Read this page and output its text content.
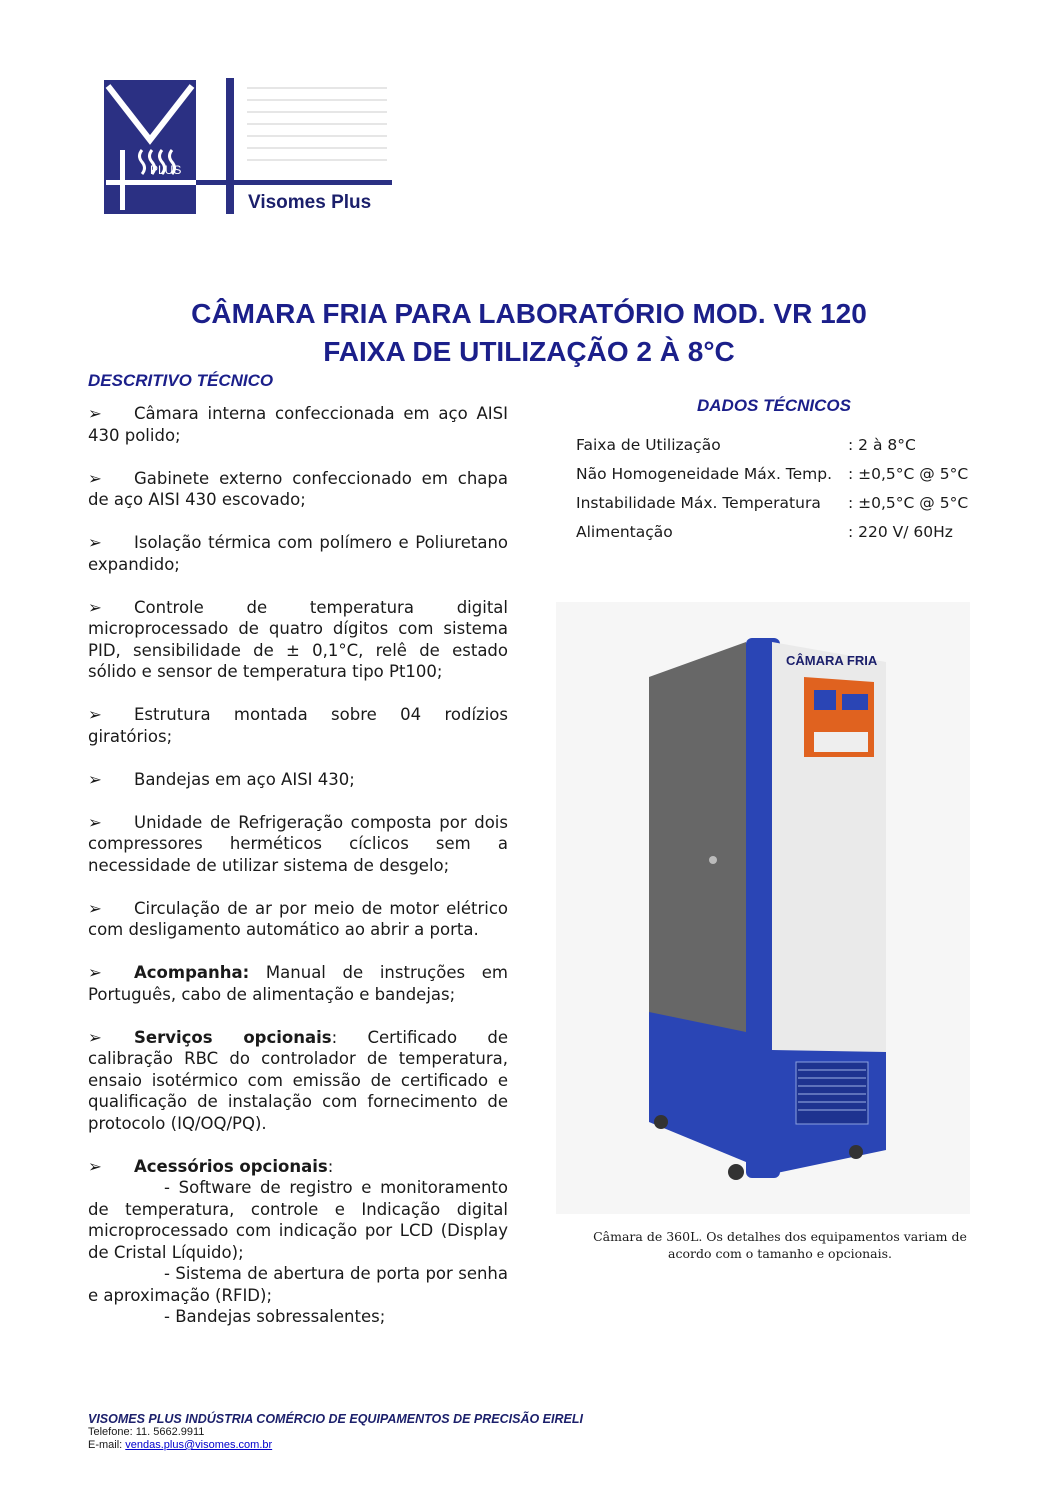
PLUS
Visomes Plus
CÂMARA FRIA PARA LABORATÓRIO MOD. VR 120
FAIXA DE UTILIZAÇÃO 2 À 8°C
DESCRITIVO TÉCNICO
DADOS TÉCNICOS
➢ Câmara interna confeccionada em aço AISI 430 polido;
➢ Gabinete externo confeccionado em chapa de aço AISI 430 escovado;
➢ Isolação térmica com polímero e Poliuretano expandido;
➢ Controle de temperatura digital microprocessado de quatro dígitos com sistema PID, sensibilidade de ± 0,1°C, relê de estado sólido e sensor de temperatura tipo Pt100;
➢ Estrutura montada sobre 04 rodízios giratórios;
➢ Bandejas em aço AISI 430;
➢ Unidade de Refrigeração composta por dois compressores herméticos cíclicos sem a necessidade de utilizar sistema de desgelo;
➢ Circulação de ar por meio de motor elétrico com desligamento automático ao abrir a porta.
➢ Acompanha: Manual de instruções em Português, cabo de alimentação e bandejas;
➢ Serviços opcionais: Certificado de calibração RBC do controlador de temperatura, ensaio isotérmico com emissão de certificado e qualificação de instalação com fornecimento de protocolo (IQ/OQ/PQ).
➢ Acessórios opcionais:
- Software de registro e monitoramento de temperatura, controle e Indicação digital microprocessado com indicação por LCD (Display de Cristal Líquido);
- Sistema de abertura de porta por senha e aproximação (RFID);
- Bandejas sobressalentes;
Faixa de Utilização	: 2 à 8°C
Não Homogeneidade Máx. Temp. : ±0,5°C @ 5°C
Instabilidade Máx. Temperatura : ±0,5°C @ 5°C
Alimentação	: 220 V/ 60Hz
CÂMARA FRIA
Câmara de 360L. Os detalhes dos equipamentos variam de acordo com o tamanho e opcionais.
VISOMES PLUS INDÚSTRIA COMÉRCIO DE EQUIPAMENTOS DE PRECISÃO EIRELI
Telefone: 11. 5662.9911
E-mail: vendas.plus@visomes.com.br
